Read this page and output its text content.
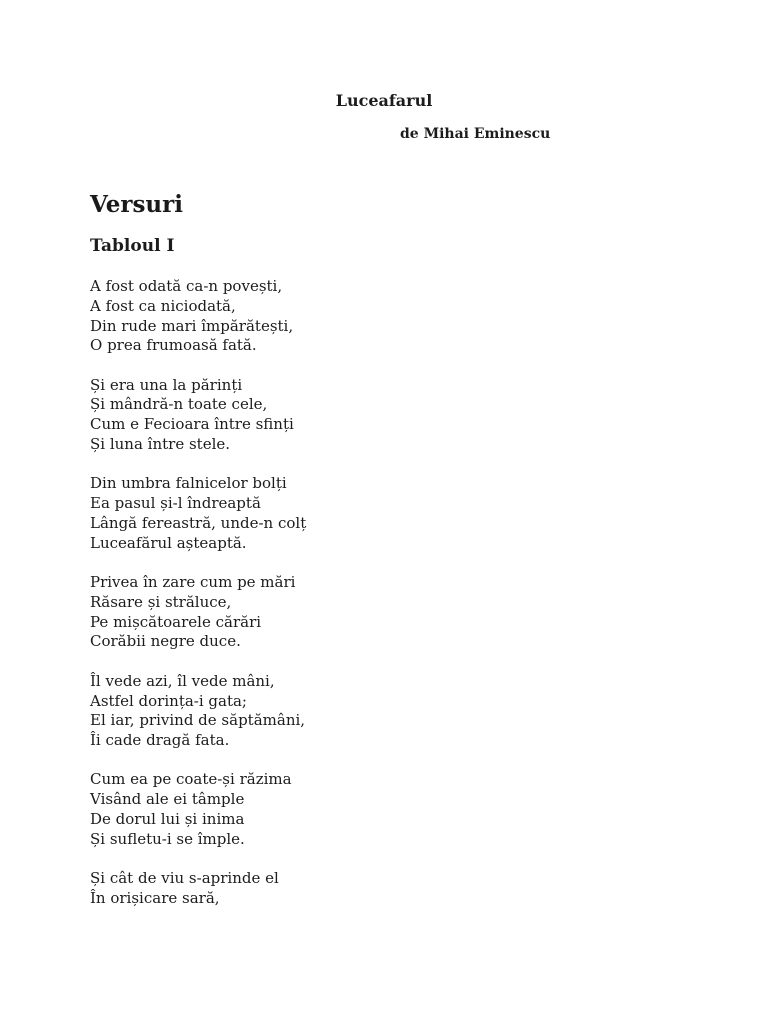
Luceafarul

de Mihai Eminescu

Versuri
Tabloul I
A fost odată ca-n povești,
A fost ca niciodată,
Din rude mari împărătești,
O prea frumoasă fată.
Și era una la părinți
Și mândră-n toate cele,
Cum e Fecioara între sfinți
Și luna între stele.
Din umbra falnicelor bolți
Ea pasul și-l îndreaptă
Lângă fereastră, unde-n colț
Luceafărul așteaptă.
Privea în zare cum pe mări
Răsare și străluce,
Pe mișcătoarele cărări
Corăbii negre duce.
Îl vede azi, îl vede mâni,
Astfel dorința-i gata;
El iar, privind de săptămâni,
Îi cade dragă fata.
Cum ea pe coate-și răzima
Visând ale ei tâmple
De dorul lui și inima
Și sufletu-i se împle.
Și cât de viu s-aprinde el
În orișicare sară,
